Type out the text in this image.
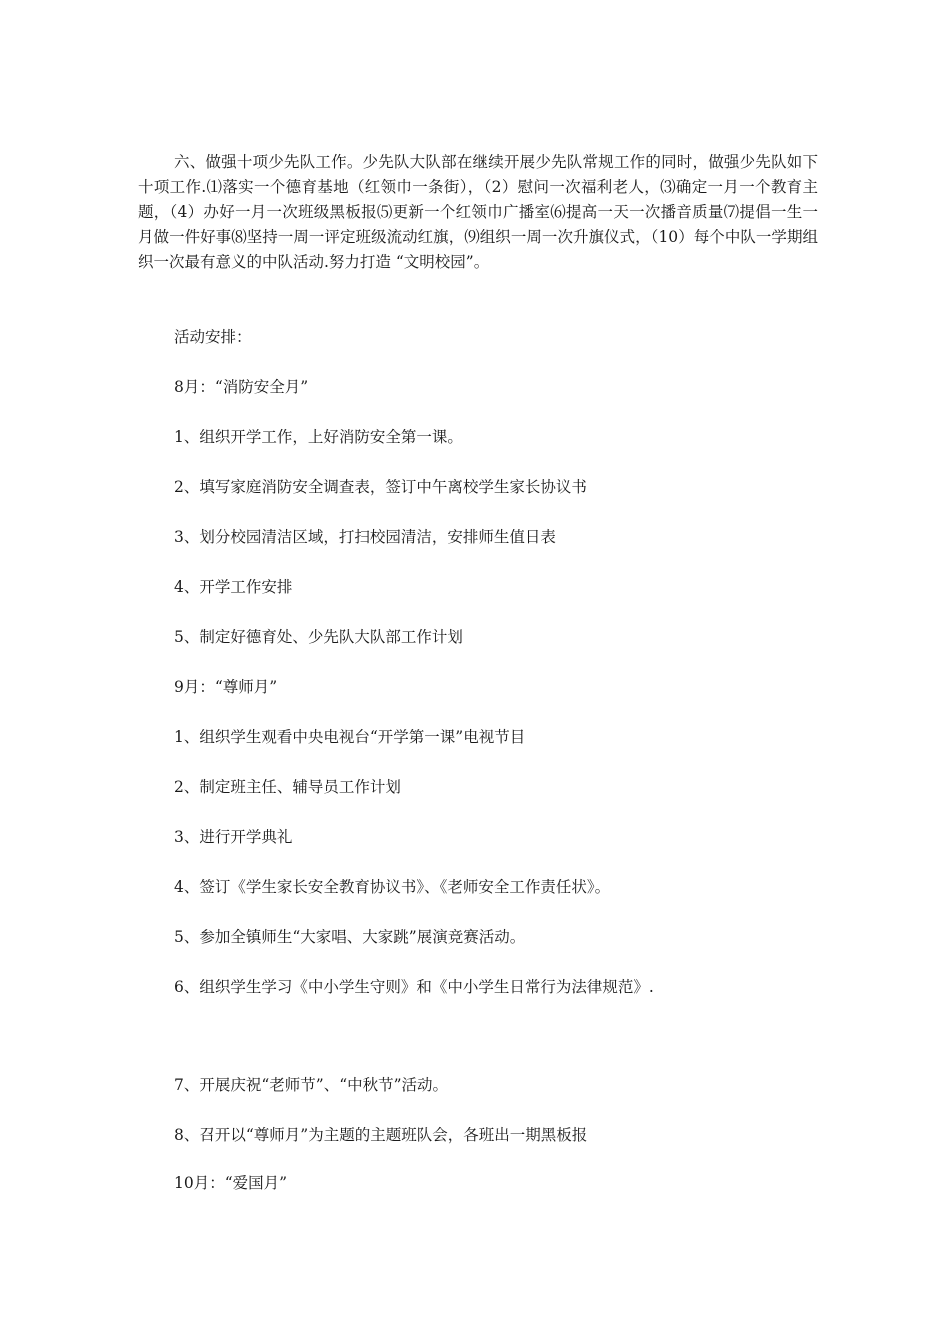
六、做强十项少先队工作。少先队大队部在继续开展少先队常规工作的同时，做强少先队如下十项工作.⑴落实一个德育基地（红领巾一条街），（2）慰问一次福利老人，⑶确定一月一个教育主题，（4）办好一月一次班级黑板报⑸更新一个红领巾广播室⑹提高一天一次播音质量⑺提倡一生一月做一件好事⑻坚持一周一评定班级流动红旗，⑼组织一周一次升旗仪式，（10）每个中队一学期组织一次最有意义的中队活动.努力打造 “文明校园”。

活动安排：

8月：“消防安全月”

1、组织开学工作，上好消防安全第一课。

2、填写家庭消防安全调查表，签订中午离校学生家长协议书

3、划分校园清洁区域，打扫校园清洁，安排师生值日表

4、开学工作安排

5、制定好德育处、少先队大队部工作计划

9月：“尊师月”

1、组织学生观看中央电视台“开学第一课”电视节目

2、制定班主任、辅导员工作计划

3、进行开学典礼

4、签订《学生家长安全教育协议书》、《老师安全工作责任状》。

5、参加全镇师生“大家唱、大家跳”展演竞赛活动。

6、组织学生学习《中小学生守则》和《中小学生日常行为法律规范》.

7、开展庆祝“老师节”、“中秋节”活动。

8、召开以“尊师月”为主题的主题班队会，各班出一期黑板报

10月：“爱国月”
